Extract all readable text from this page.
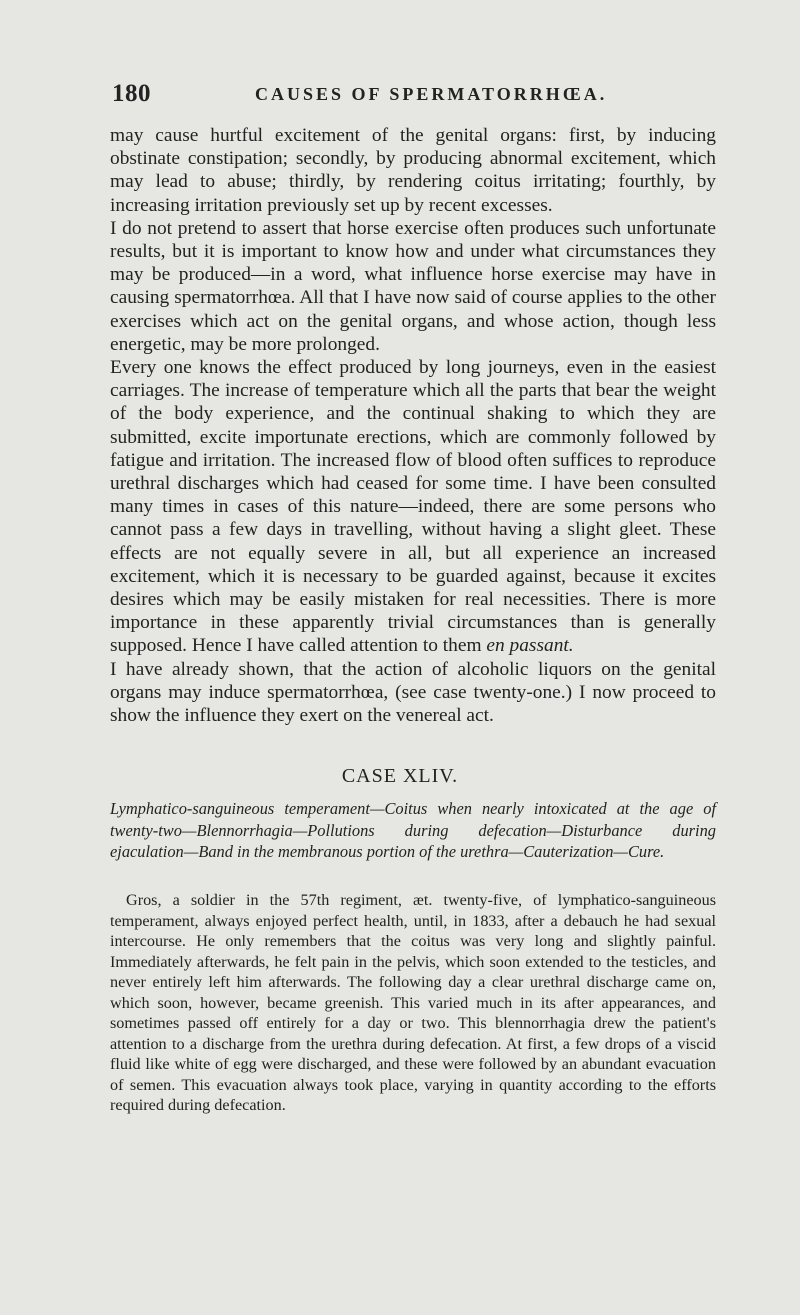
180	CAUSES OF SPERMATORRHŒA.

may cause hurtful excitement of the genital organs: first, by inducing obstinate constipation; secondly, by producing abnormal excitement, which may lead to abuse; thirdly, by rendering coitus irritating; fourthly, by increasing irritation previously set up by recent excesses.

I do not pretend to assert that horse exercise often produces such unfortunate results, but it is important to know how and under what circumstances they may be produced—in a word, what influence horse exercise may have in causing spermatorrhœa. All that I have now said of course applies to the other exercises which act on the genital organs, and whose action, though less energetic, may be more prolonged.

Every one knows the effect produced by long journeys, even in the easiest carriages. The increase of temperature which all the parts that bear the weight of the body experience, and the continual shaking to which they are submitted, excite importunate erections, which are commonly followed by fatigue and irritation. The increased flow of blood often suffices to reproduce urethral discharges which had ceased for some time. I have been consulted many times in cases of this nature—indeed, there are some persons who cannot pass a few days in travelling, without having a slight gleet. These effects are not equally severe in all, but all experience an increased excitement, which it is necessary to be guarded against, because it excites desires which may be easily mistaken for real necessities. There is more importance in these apparently trivial circumstances than is generally supposed. Hence I have called attention to them en passant.

I have already shown, that the action of alcoholic liquors on the genital organs may induce spermatorrhœa, (see case twenty-one.) I now proceed to show the influence they exert on the venereal act.

CASE XLIV.
Lymphatico-sanguineous temperament—Coitus when nearly intoxicated at the age of twenty-two—Blennorrhagia—Pollutions during defecation—Disturbance during ejaculation—Band in the membranous portion of the urethra—Cauterization—Cure.

Gros, a soldier in the 57th regiment, æt. twenty-five, of lymphatico-sanguineous temperament, always enjoyed perfect health, until, in 1833, after a debauch he had sexual intercourse. He only remembers that the coitus was very long and slightly painful. Immediately afterwards, he felt pain in the pelvis, which soon extended to the testicles, and never entirely left him afterwards. The following day a clear urethral discharge came on, which soon, however, became greenish. This varied much in its after appearances, and sometimes passed off entirely for a day or two. This blennorrhagia drew the patient's attention to a discharge from the urethra during defecation. At first, a few drops of a viscid fluid like white of egg were discharged, and these were followed by an abundant evacuation of semen. This evacuation always took place, varying in quantity according to the efforts required during defecation.
